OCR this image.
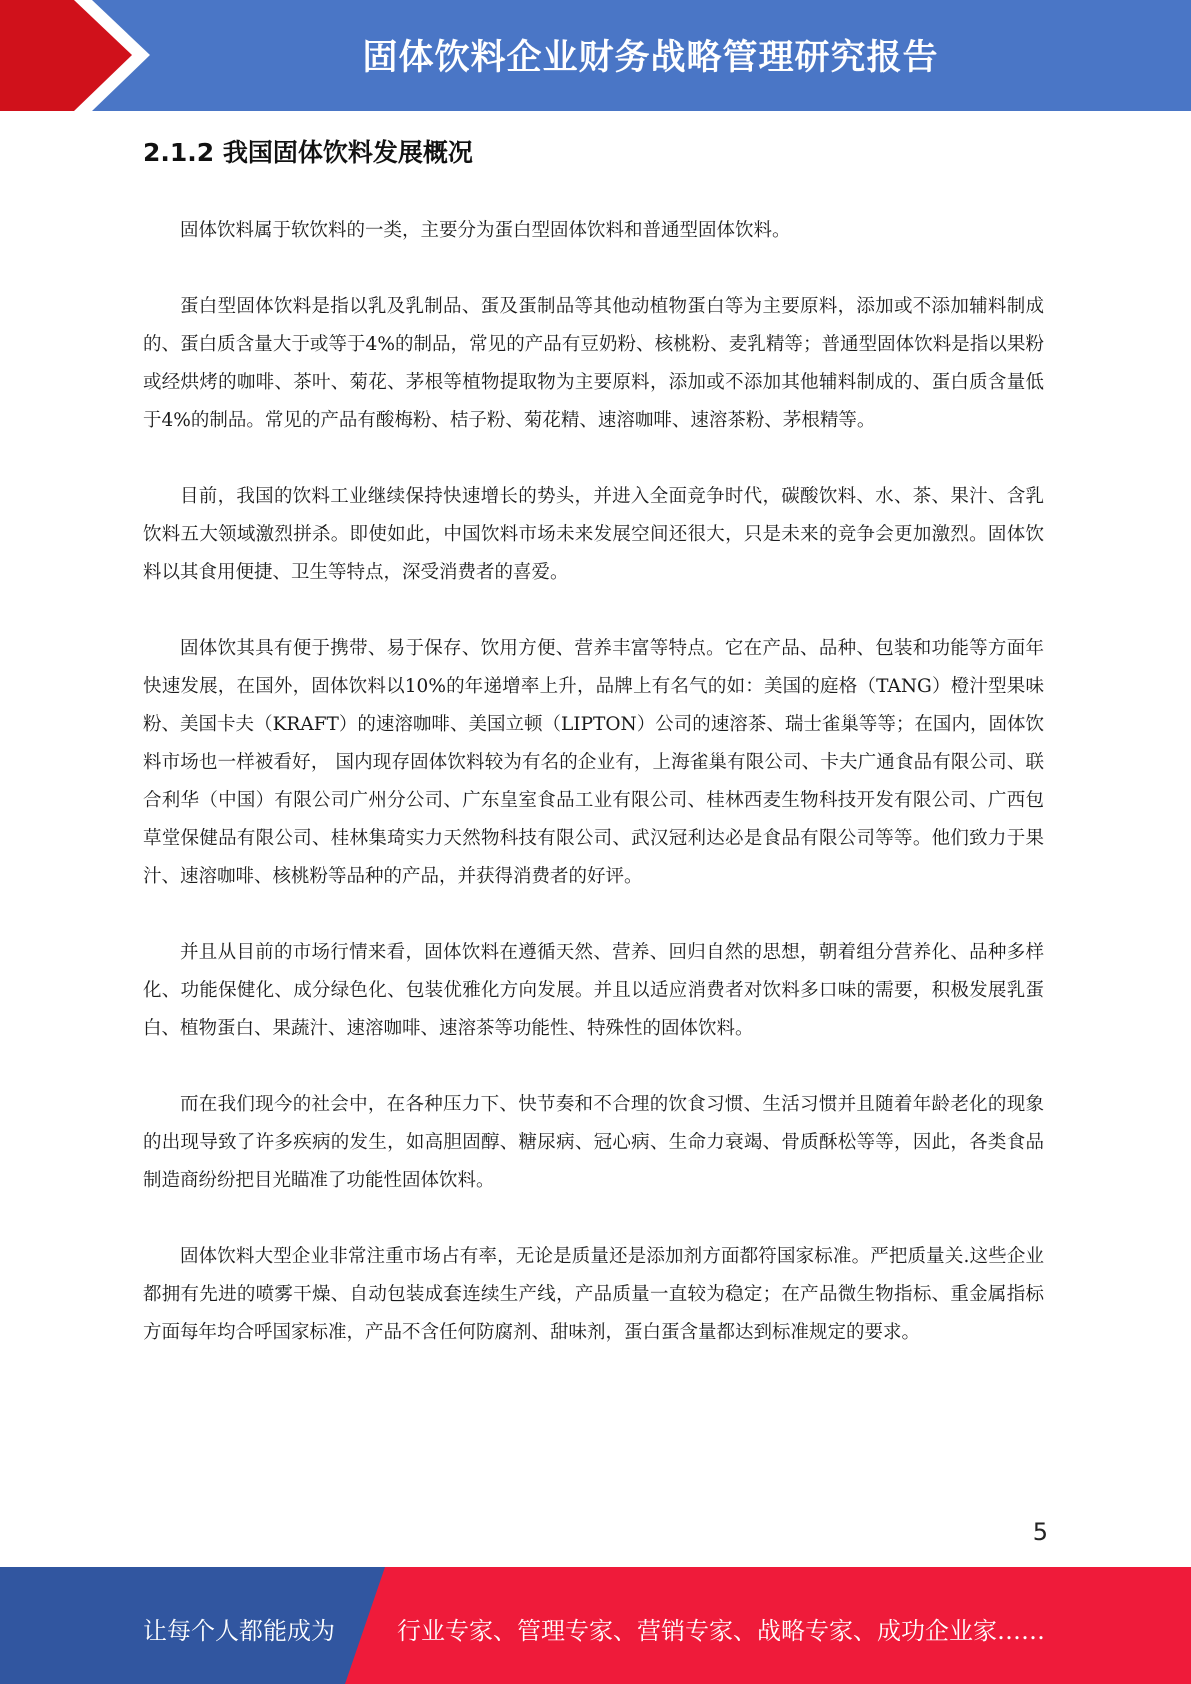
固体饮料企业财务战略管理研究报告
2.1.2 我国固体饮料发展概况

固体饮料属于软饮料的一类，主要分为蛋白型固体饮料和普通型固体饮料。

蛋白型固体饮料是指以乳及乳制品、蛋及蛋制品等其他动植物蛋白等为主要原料，添加或不添加辅料制成的、蛋白质含量大于或等于4%的制品，常见的产品有豆奶粉、核桃粉、麦乳精等；普通型固体饮料是指以果粉或经烘烤的咖啡、茶叶、菊花、茅根等植物提取物为主要原料，添加或不添加其他辅料制成的、蛋白质含量低于4%的制品。常见的产品有酸梅粉、桔子粉、菊花精、速溶咖啡、速溶茶粉、茅根精等。

目前，我国的饮料工业继续保持快速增长的势头，并进入全面竞争时代，碳酸饮料、水、茶、果汁、含乳饮料五大领域激烈拼杀。即使如此，中国饮料市场未来发展空间还很大，只是未来的竞争会更加激烈。固体饮料以其食用便捷、卫生等特点，深受消费者的喜爱。

固体饮其具有便于携带、易于保存、饮用方便、营养丰富等特点。它在产品、品种、包装和功能等方面年快速发展，在国外，固体饮料以10%的年递增率上升，品牌上有名气的如：美国的庭格（TANG）橙汁型果味粉、美国卡夫（KRAFT）的速溶咖啡、美国立顿（LIPTON）公司的速溶茶、瑞士雀巢等等；在国内，固体饮料市场也一样被看好， 国内现存固体饮料较为有名的企业有，上海雀巢有限公司、卡夫广通食品有限公司、联合利华（中国）有限公司广州分公司、广东皇室食品工业有限公司、桂林西麦生物科技开发有限公司、广西包草堂保健品有限公司、桂林集琦实力天然物科技有限公司、武汉冠利达必是食品有限公司等等。他们致力于果汁、速溶咖啡、核桃粉等品种的产品，并获得消费者的好评。

并且从目前的市场行情来看，固体饮料在遵循天然、营养、回归自然的思想，朝着组分营养化、品种多样化、功能保健化、成分绿色化、包装优雅化方向发展。并且以适应消费者对饮料多口味的需要，积极发展乳蛋白、植物蛋白、果蔬汁、速溶咖啡、速溶茶等功能性、特殊性的固体饮料。

而在我们现今的社会中，在各种压力下、快节奏和不合理的饮食习惯、生活习惯并且随着年龄老化的现象的出现导致了许多疾病的发生，如高胆固醇、糖尿病、冠心病、生命力衰竭、骨质酥松等等，因此，各类食品制造商纷纷把目光瞄准了功能性固体饮料。

固体饮料大型企业非常注重市场占有率，无论是质量还是添加剂方面都符国家标准。严把质量关.这些企业都拥有先进的喷雾干燥、自动包装成套连续生产线，产品质量一直较为稳定；在产品微生物指标、重金属指标方面每年均合呼国家标准，产品不含任何防腐剂、甜味剂，蛋白蛋含量都达到标准规定的要求。

5
让每个人都能成为	行业专家、管理专家、营销专家、战略专家、成功企业家……
